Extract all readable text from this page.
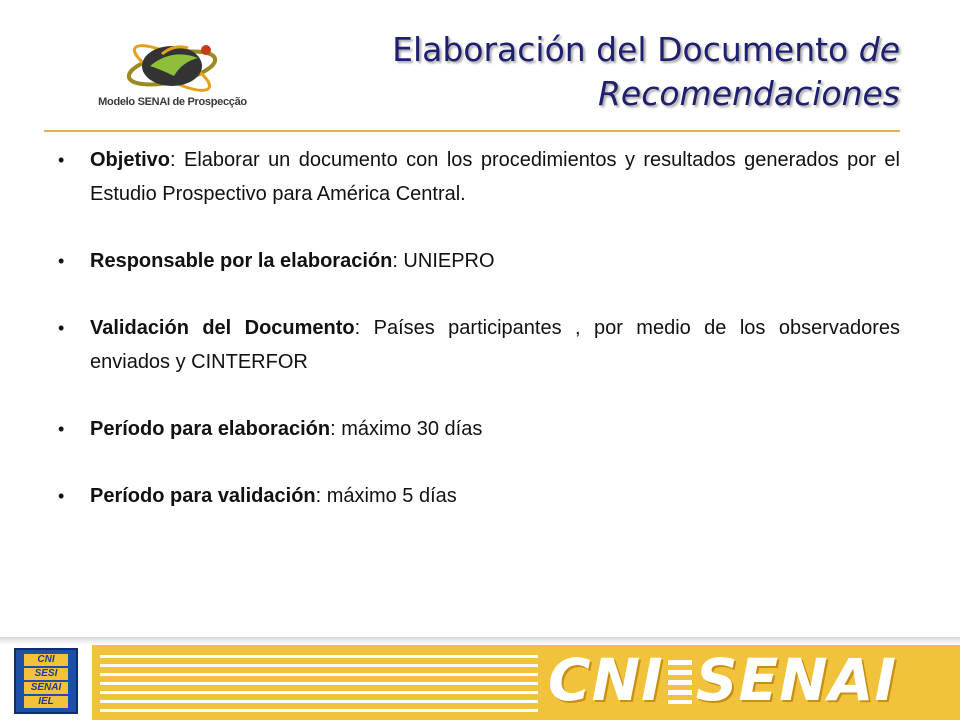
Modelo SENAI de Prospecção
Elaboración del Documento de
Recomendaciones
• Objetivo: Elaborar un documento con los procedimientos y resultados generados por el Estudio Prospectivo para América Central.
• Responsable por la elaboración: UNIEPRO
• Validación del Documento: Países participantes , por medio de los observadores enviados y CINTERFOR
• Período para elaboración: máximo 30 días
• Período para validación: máximo 5 días
CNI
SESI
SENAI
IEL	CNI SENAI
